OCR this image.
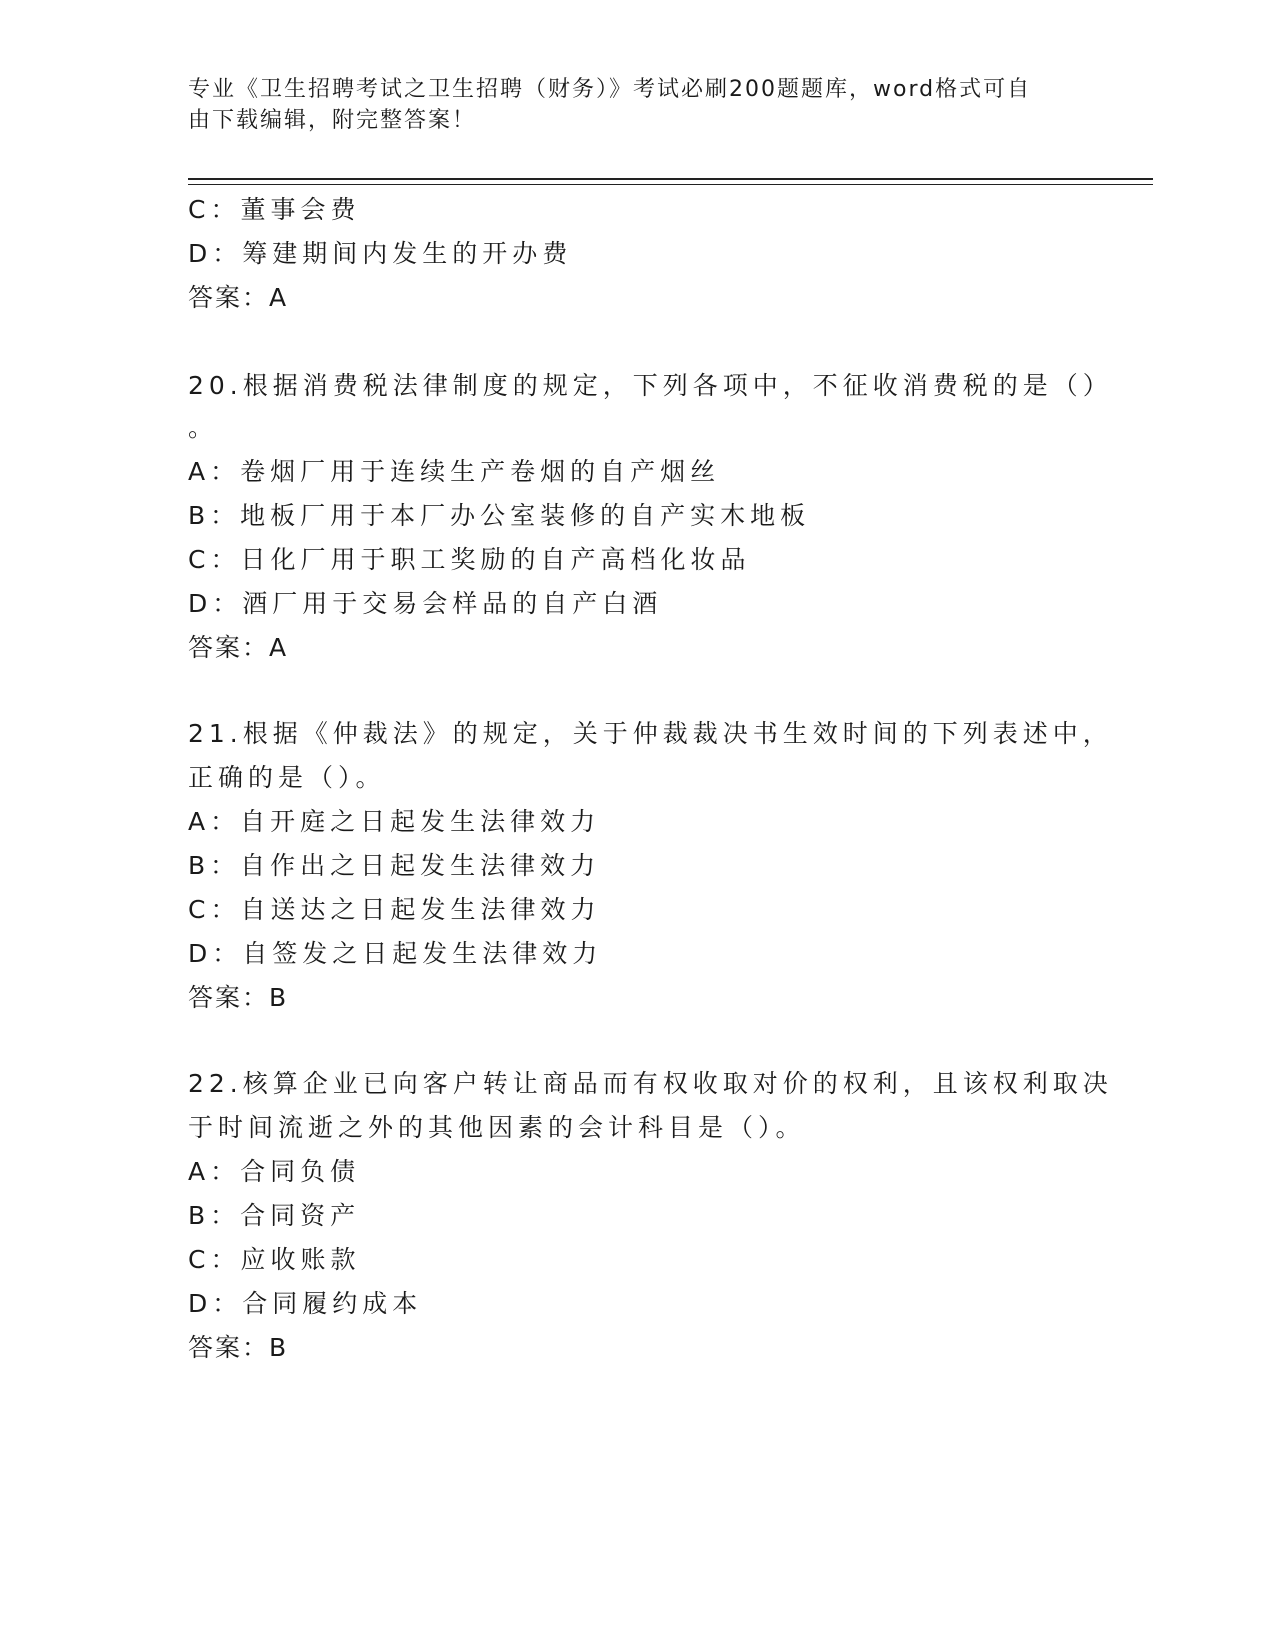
专业《卫生招聘考试之卫生招聘（财务）》考试必刷200题题库，word格式可自
由下载编辑，附完整答案！
C：董事会费
D：筹建期间内发生的开办费
答案：A
20.根据消费税法律制度的规定，下列各项中，不征收消费税的是（）
。
A：卷烟厂用于连续生产卷烟的自产烟丝
B：地板厂用于本厂办公室装修的自产实木地板
C：日化厂用于职工奖励的自产高档化妆品
D：酒厂用于交易会样品的自产白酒
答案：A
21.根据《仲裁法》的规定，关于仲裁裁决书生效时间的下列表述中，
正确的是（）。
A：自开庭之日起发生法律效力
B：自作出之日起发生法律效力
C：自送达之日起发生法律效力
D：自签发之日起发生法律效力
答案：B
22.核算企业已向客户转让商品而有权收取对价的权利，且该权利取决
于时间流逝之外的其他因素的会计科目是（）。
A：合同负债
B：合同资产
C：应收账款
D：合同履约成本
答案：B
